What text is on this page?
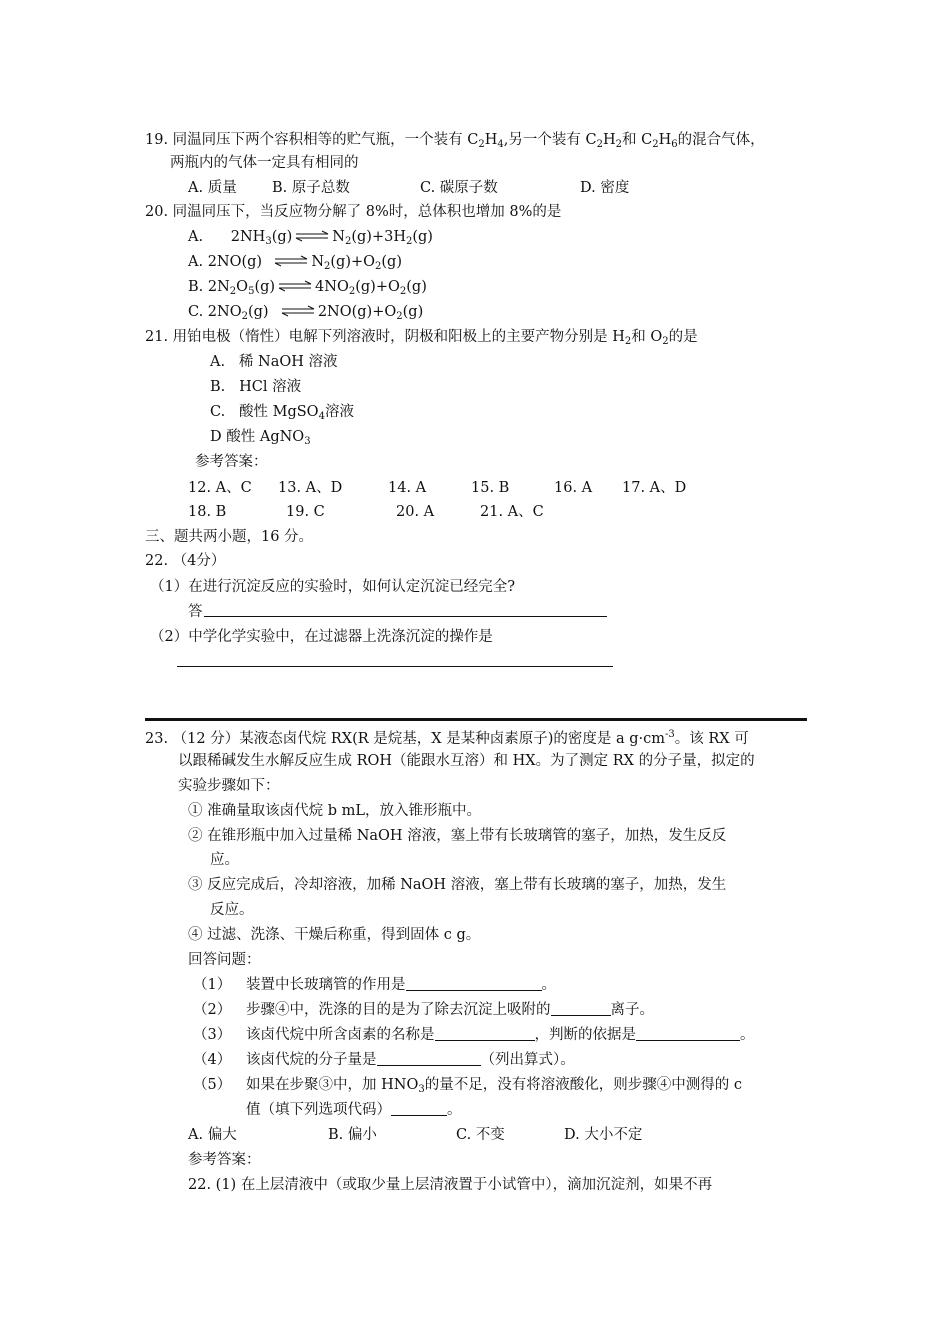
19. 同温同压下两个容积相等的贮气瓶，一个装有 $C_2H_4$,另一个装有 $C_2H_2$和 $C_2H_6$的混合气体，
两瓶内的气体一定具有相同的
A. 质量 B. 原子总数	C. 碳原子数	D. 密度
20. 同温同压下，当反应物分解了 8%时，总体积也增加 8%的是
A. $2NH_3(g)$ ⇌ $N_2(g)+3H_2(g)$
A. 2NO(g) ⇌ $N_2(g)+O_2(g)$
B. $2N_2O_5(g)$ ⇌ $4NO_2(g)+O_2(g)$
C. $2NO_2(g)$ ⇌ $2NO(g)+O_2(g)$
21. 用铂电极（惰性）电解下列溶液时，阴极和阳极上的主要产物分别是 $H_2$和 $O_2$的是
A.   稀 NaOH 溶液
B.   HCl 溶液
C.   酸性 MgSO$_4$溶液
D 酸性 AgNO$_3$
参考答案：
12. A、C 13. A、D	14. A	15. B	16. A 17. A、D
18. B	19. C	20. A	21. A、C
三、题共两小题，16 分。
22. （4分）
（1）在进行沉淀反应的实验时，如何认定沉淀已经完全?
答
（2）中学化学实验中，在过滤器上洗涤沉淀的操作是
23. （12 分）某液态卤代烷 RX(R 是烷基，X 是某种卤素原子)的密度是 a $g\cdot cm^{-3}$。该 RX 可
以跟稀碱发生水解反应生成 ROH（能跟水互溶）和 HX。为了测定 RX 的分子量，拟定的
实验步骤如下：
① 准确量取该卤代烷 b mL，放入锥形瓶中。
② 在锥形瓶中加入过量稀 NaOH 溶液，塞上带有长玻璃管的塞子，加热，发生反反
应。
③ 反应完成后，冷却溶液，加稀 NaOH 溶液，塞上带有长玻璃的塞子，加热，发生
反应。
④ 过滤、洗涤、干燥后称重，得到固体 c g。
回答问题：
（1） 装置中长玻璃管的作用是	。
（2） 步骤④中，洗涤的目的是为了除去沉淀上吸附的	离子。
（3） 该卤代烷中所含卤素的名称是	，判断的依据是	。
（4） 该卤代烷的分子量是	（列出算式）。
（5） 如果在步聚③中，加 $HNO_3$的量不足，没有将溶液酸化，则步骤④中测得的 c
值（填下列选项代码）	。
A. 偏大	B. 偏小	C. 不变	D. 大小不定
参考答案：
22. (1) 在上层清液中（或取少量上层清液置于小试管中），滴加沉淀剂，如果不再
